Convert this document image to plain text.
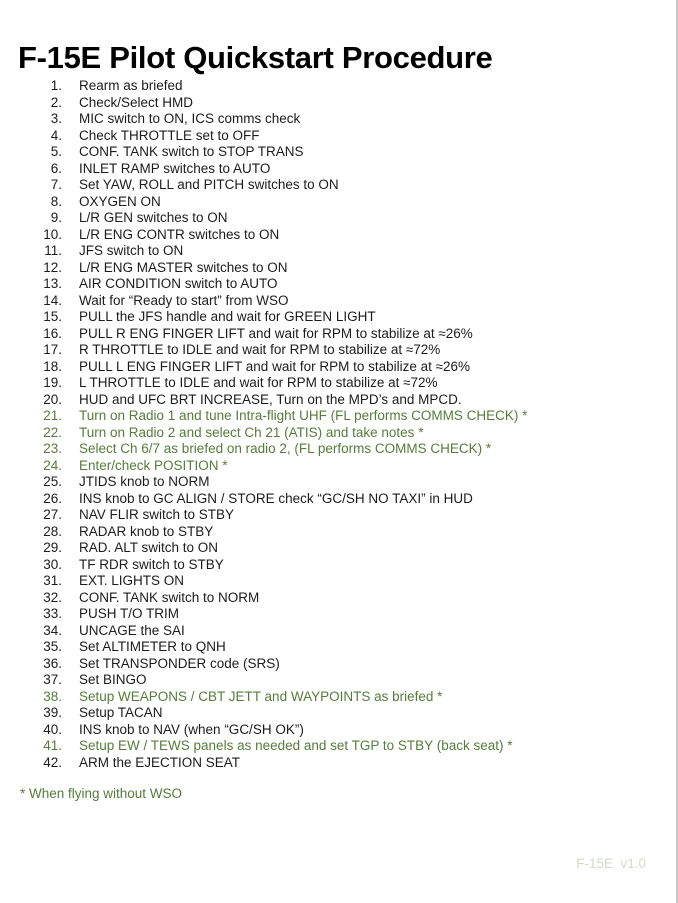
F-15E Pilot Quickstart Procedure
1. Rearm as briefed
2. Check/Select HMD
3. MIC switch to ON, ICS comms check
4. Check THROTTLE set to OFF
5. CONF. TANK switch to STOP TRANS
6. INLET RAMP switches to AUTO
7. Set YAW, ROLL and PITCH switches to ON
8. OXYGEN ON
9. L/R GEN switches to ON
10. L/R ENG CONTR switches to ON
11. JFS switch to ON
12. L/R ENG MASTER switches to ON
13. AIR CONDITION switch to AUTO
14. Wait for “Ready to start” from WSO
15. PULL the JFS handle and wait for GREEN LIGHT
16. PULL R ENG FINGER LIFT and wait for RPM to stabilize at ≈26%
17. R THROTTLE to IDLE and wait for RPM to stabilize at ≈72%
18. PULL L ENG FINGER LIFT and wait for RPM to stabilize at ≈26%
19. L THROTTLE to IDLE and wait for RPM to stabilize at ≈72%
20. HUD and UFC BRT INCREASE, Turn on the MPD’s and MPCD.
21. Turn on Radio 1 and tune Intra-flight UHF (FL performs COMMS CHECK) *
22. Turn on Radio 2 and select Ch 21 (ATIS) and take notes *
23. Select Ch 6/7 as briefed on radio 2, (FL performs COMMS CHECK) *
24. Enter/check POSITION *
25. JTIDS knob to NORM
26. INS knob to GC ALIGN / STORE check “GC/SH NO TAXI” in HUD
27. NAV FLIR switch to STBY
28. RADAR knob to STBY
29. RAD. ALT switch to ON
30. TF RDR switch to STBY
31. EXT. LIGHTS ON
32. CONF. TANK switch to NORM
33. PUSH T/O TRIM
34. UNCAGE the SAI
35. Set ALTIMETER to QNH
36. Set TRANSPONDER code (SRS)
37. Set BINGO
38. Setup WEAPONS / CBT JETT and WAYPOINTS as briefed *
39. Setup TACAN
40. INS knob to NAV (when “GC/SH OK”)
41. Setup EW / TEWS panels as needed and set TGP to STBY (back seat) *
42. ARM the EJECTION SEAT
* When flying without WSO
F-15E  v1.0
